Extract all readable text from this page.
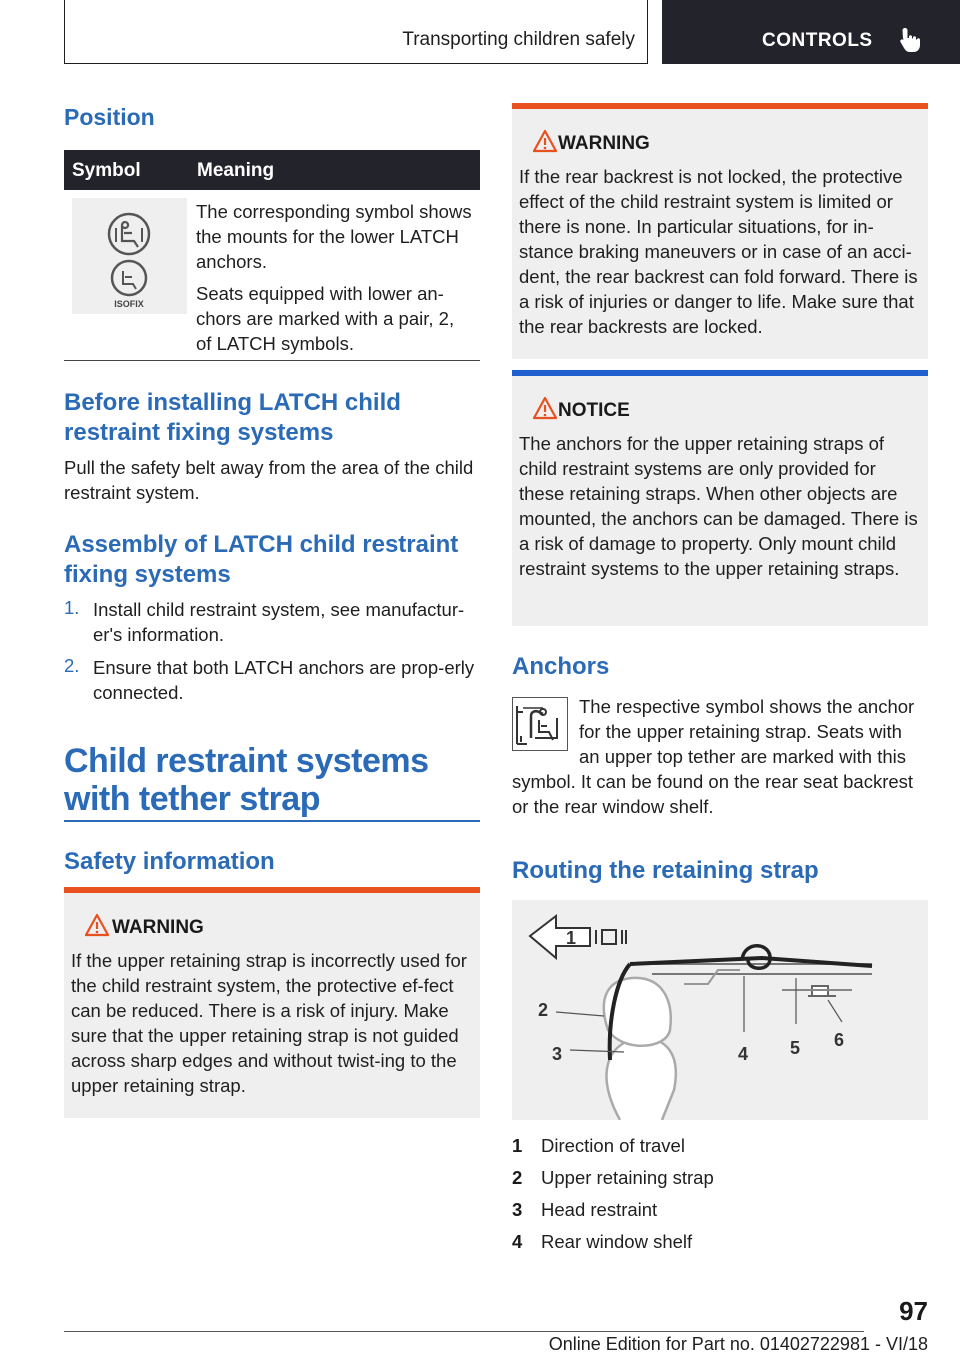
Transporting children safely	CONTROLS
Position
Symbol	Meaning
ISOFIX
The corresponding symbol shows the mounts for the lower LATCH anchors.
Seats equipped with lower an-chors are marked with a pair, 2, of LATCH symbols.
Before installing LATCH child restraint fixing systems
Pull the safety belt away from the area of the child restraint system.
Assembly of LATCH child restraint fixing systems
1. Install child restraint system, see manufactur-er's information.
2. Ensure that both LATCH anchors are prop-erly connected.
Child restraint systems with tether strap
Safety information
WARNING
If the upper retaining strap is incorrectly used for the child restraint system, the protective ef-fect can be reduced. There is a risk of injury. Make sure that the upper retaining strap is not guided across sharp edges and without twist-ing to the upper retaining strap.
WARNING
If the rear backrest is not locked, the protective effect of the child restraint system is limited or there is none. In particular situations, for in-stance braking maneuvers or in case of an acci-dent, the rear backrest can fold forward. There is a risk of injuries or danger to life. Make sure that the rear backrests are locked.
NOTICE
The anchors for the upper retaining straps of child restraint systems are only provided for these retaining straps. When other objects are mounted, the anchors can be damaged. There is a risk of damage to property. Only mount child restraint systems to the upper retaining straps.
Anchors
The respective symbol shows the anchor
for the upper retaining strap. Seats with
an upper top tether are marked with this
symbol. It can be found on the rear seat backrest or the rear window shelf.
Routing the retaining strap
1
2
3	4 5 6
1 Direction of travel
2 Upper retaining strap
3 Head restraint
4 Rear window shelf
97
Online Edition for Part no. 01402722981 - VI/18
